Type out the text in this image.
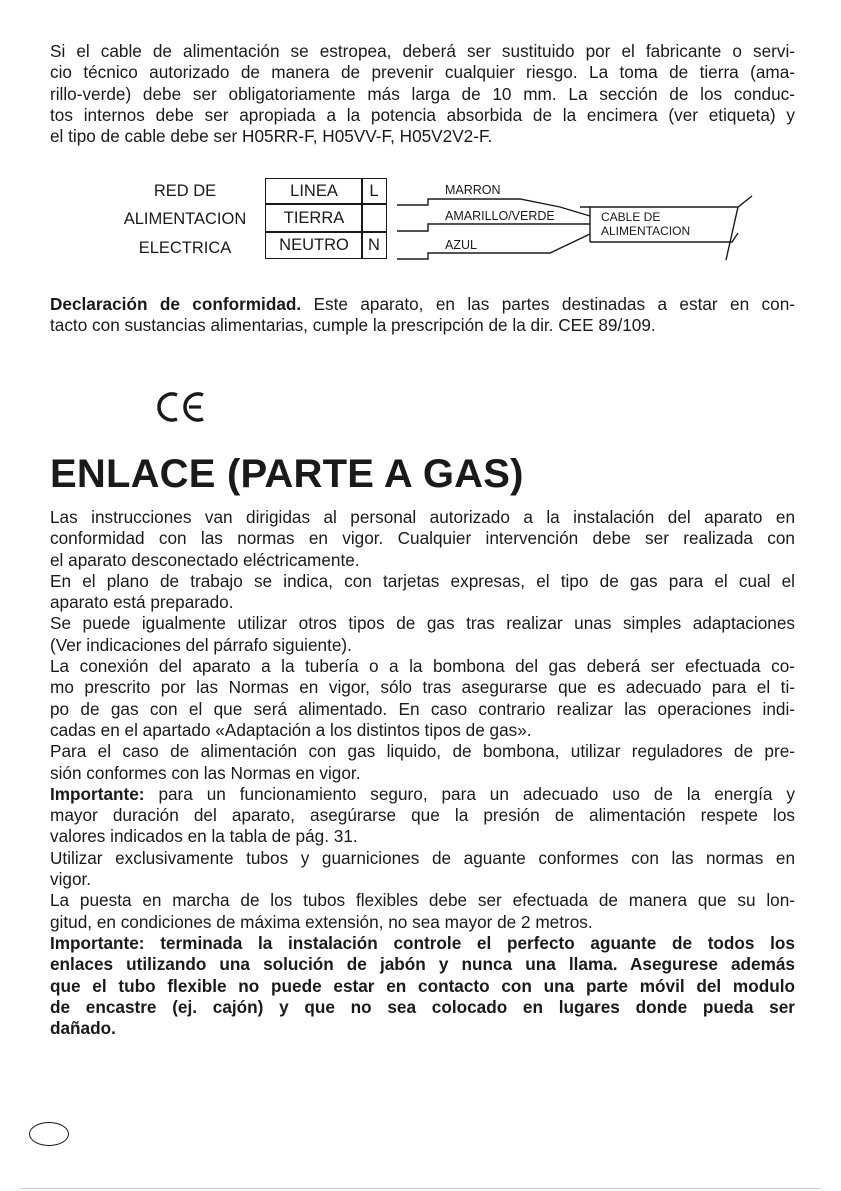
Si el cable de alimentación se estropea, deberá ser sustituido por el fabricante o servi-
cio técnico autorizado de manera de prevenir cualquier riesgo. La toma de tierra (ama-
rillo-verde) debe ser obligatoriamente más larga de 10 mm. La sección de los conduc-
tos internos debe ser apropiada a la potencia absorbida de la encimera (ver etiqueta) y
el tipo de cable debe ser H05RR-F, H05VV-F, H05V2V2-F.
RED DE
ALIMENTACION
ELECTRICA
LINEA
TIERRA
NEUTRO
L
N
MARRON
AMARILLO/VERDE
AZUL
CABLE DE
ALIMENTACION
Declaración de conformidad. Este aparato, en las partes destinadas a estar en con-
tacto con sustancias alimentarias, cumple la prescripción de la dir. CEE 89/109.
ENLACE (PARTE A GAS)
Las instrucciones van dirigidas al personal autorizado a la instalación del aparato en
conformidad con las normas en vigor. Cualquier intervención debe ser realizada con
el aparato desconectado eléctricamente.
En el plano de trabajo se indica, con tarjetas expresas, el tipo de gas para el cual el
aparato está preparado.
Se puede igualmente utilizar otros tipos de gas tras realizar unas simples adaptaciones
(Ver indicaciones del párrafo siguiente).
La conexión del aparato a la tubería o a la bombona del gas deberá ser efectuada co-
mo prescrito por las Normas en vigor, sólo tras asegurarse que es adecuado para el ti-
po de gas con el que será alimentado. En caso contrario realizar las operaciones indi-
cadas en el apartado «Adaptación a los distintos tipos de gas».
Para el caso de alimentación con gas liquido, de bombona, utilizar reguladores de pre-
sión conformes con las Normas en vigor.
Importante: para un funcionamiento seguro, para un adecuado uso de la energía y
mayor duración del aparato, asegúrarse que la presión de alimentación respete los
valores indicados en la tabla de pág. 31.
Utilizar exclusivamente tubos y guarniciones de aguante conformes con las normas en
vigor.
La puesta en marcha de los tubos flexibles debe ser efectuada de manera que su lon-
gitud, en condiciones de máxima extensión, no sea mayor de 2 metros.
Importante: terminada la instalación controle el perfecto aguante de todos los
enlaces utilizando una solución de jabón y nunca una llama. Asegurese además
que el tubo flexible no puede estar en contacto con una parte móvil del modulo
de encastre (ej. cajón) y que no sea colocado en lugares donde pueda ser
dañado.
